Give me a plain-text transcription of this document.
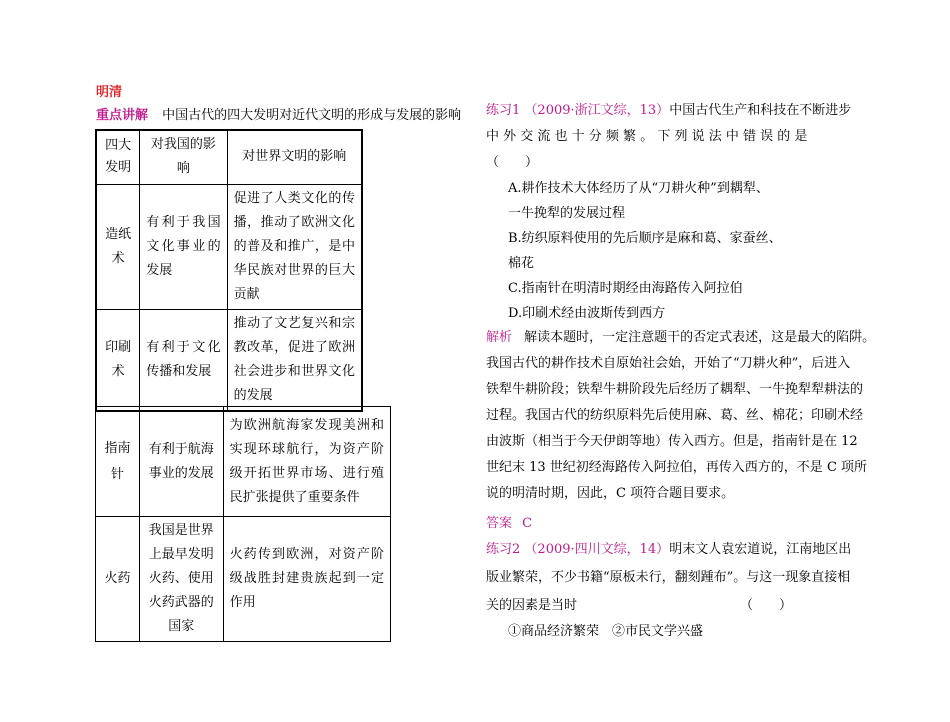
明清
重点讲解 中国古代的四大发明对近代文明的形成与发展的影响
四大发明	对我国的影响	对世界文明的影响
造纸术	有利于我国文化事业的发展	促进了人类文化的传播，推动了欧洲文化的普及和推广，是中华民族对世界的巨大贡献
印刷术	有利于文化传播和发展	推动了文艺复兴和宗教改革，促进了欧洲社会进步和世界文化的发展
指南针	有利于航海事业的发展	为欧洲航海家发现美洲和实现环球航行，为资产阶级开拓世界市场、进行殖民扩张提供了重要条件
火药	我国是世界上最早发明火药、使用火药武器的国家	火药传到欧洲，对资产阶级战胜封建贵族起到一定作用
练习1 （2009·浙江文综，13）中国古代生产和科技在不断进步
中 外 交 流 也 十 分 频 繁 。 下 列 说 法 中 错 误 的 是
（　　）
A.耕作技术大体经历了从“刀耕火种”到耦犁、
一牛挽犁的发展过程
B.纺织原料使用的先后顺序是麻和葛、家蚕丝、
棉花
C.指南针在明清时期经由海路传入阿拉伯
D.印刷术经由波斯传到西方
解析 解读本题时，一定注意题干的否定式表述，这是最大的陷阱。
我国古代的耕作技术自原始社会始，开始了“刀耕火种”，后进入
铁犁牛耕阶段；铁犁牛耕阶段先后经历了耦犁、一牛挽犁犁耕法的
过程。我国古代的纺织原料先后使用麻、葛、丝、棉花；印刷术经
由波斯（相当于今天伊朗等地）传入西方。但是，指南针是在 12
世纪末 13 世纪初经海路传入阿拉伯，再传入西方的，不是 C 项所
说的明清时期，因此，C 项符合题目要求。
答案 C
练习2 （2009·四川文综，14）明末文人袁宏道说，江南地区出
版业繁荣，不少书籍“原板未行，翻刻踵布”。与这一现象直接相
关的因素是当时	（　　）
①商品经济繁荣　②市民文学兴盛
